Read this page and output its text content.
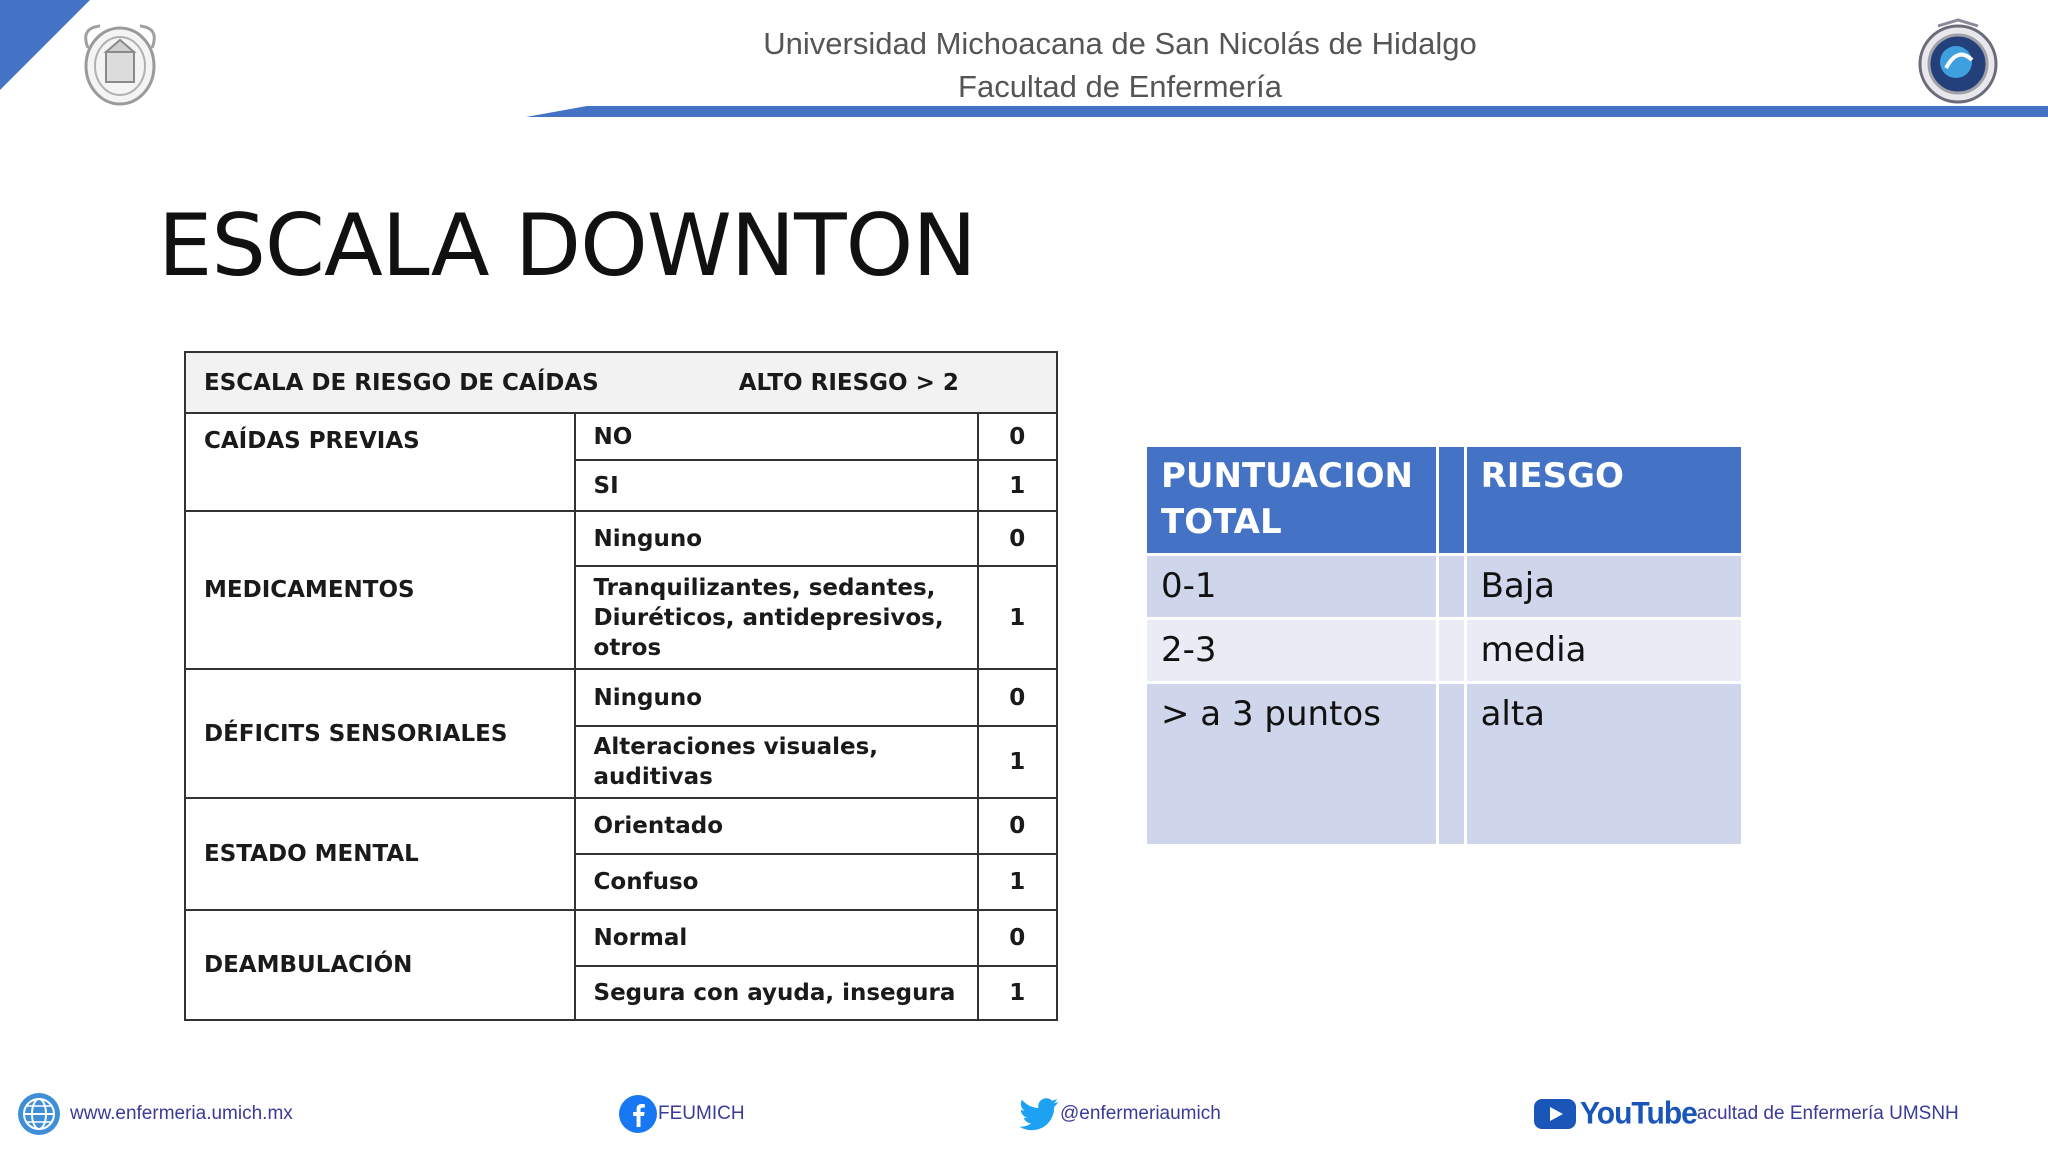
Universidad Michoacana de San Nicolás de Hidalgo
Facultad de Enfermería
ESCALA DOWNTON
ESCALA DE RIESGO DE CAÍDAS ALTO RIESGO > 2		
CAÍDAS PREVIAS	NO	0
	SI	1
MEDICAMENTOS	Ninguno	0
	Tranquilizantes, sedantes, Diuréticos, antidepresivos, otros	1
DÉFICITS SENSORIALES	Ninguno	0
	Alteraciones visuales, auditivas	1
ESTADO MENTAL	Orientado	0
	Confuso	1
DEAMBULACIÓN	Normal	0
	Segura con ayuda, insegura	1
PUNTUACION TOTAL		RIESGO
0-1		Baja
2-3		media
> a 3 puntos		alta
www.enfermeria.umich.mx	FEUMICH	@enfermeriaumich	YouTube acultad de Enfermería UMSNH
